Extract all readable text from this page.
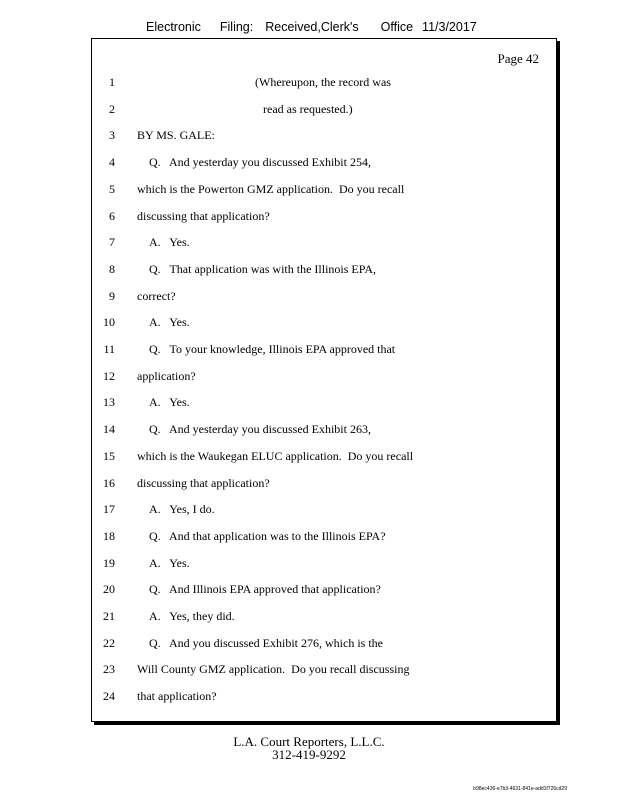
Electronic Filing: Received,Clerk's Office 11/3/2017
Page 42
1	(Whereupon, the record was
2	read as requested.)
3 BY MS. GALE:
4	Q.   And yesterday you discussed Exhibit 254,
5 which is the Powerton GMZ application.  Do you recall
6 discussing that application?
7	A.   Yes.
8	Q.   That application was with the Illinois EPA,
9 correct?
10	A.   Yes.
11	Q.   To your knowledge, Illinois EPA approved that
12 application?
13	A.   Yes.
14	Q.   And yesterday you discussed Exhibit 263,
15 which is the Waukegan ELUC application.  Do you recall
16 discussing that application?
17	A.   Yes, I do.
18	Q.   And that application was to the Illinois EPA?
19	A.   Yes.
20	Q.   And Illinois EPA approved that application?
21	A.   Yes, they did.
22	Q.   And you discussed Exhibit 276, which is the
23 Will County GMZ application.  Do you recall discussing
24 that application?
L.A. Court Reporters, L.L.C.
312-419-9292
b98ec436-e7b3-4631-841e-add1f726cd29
